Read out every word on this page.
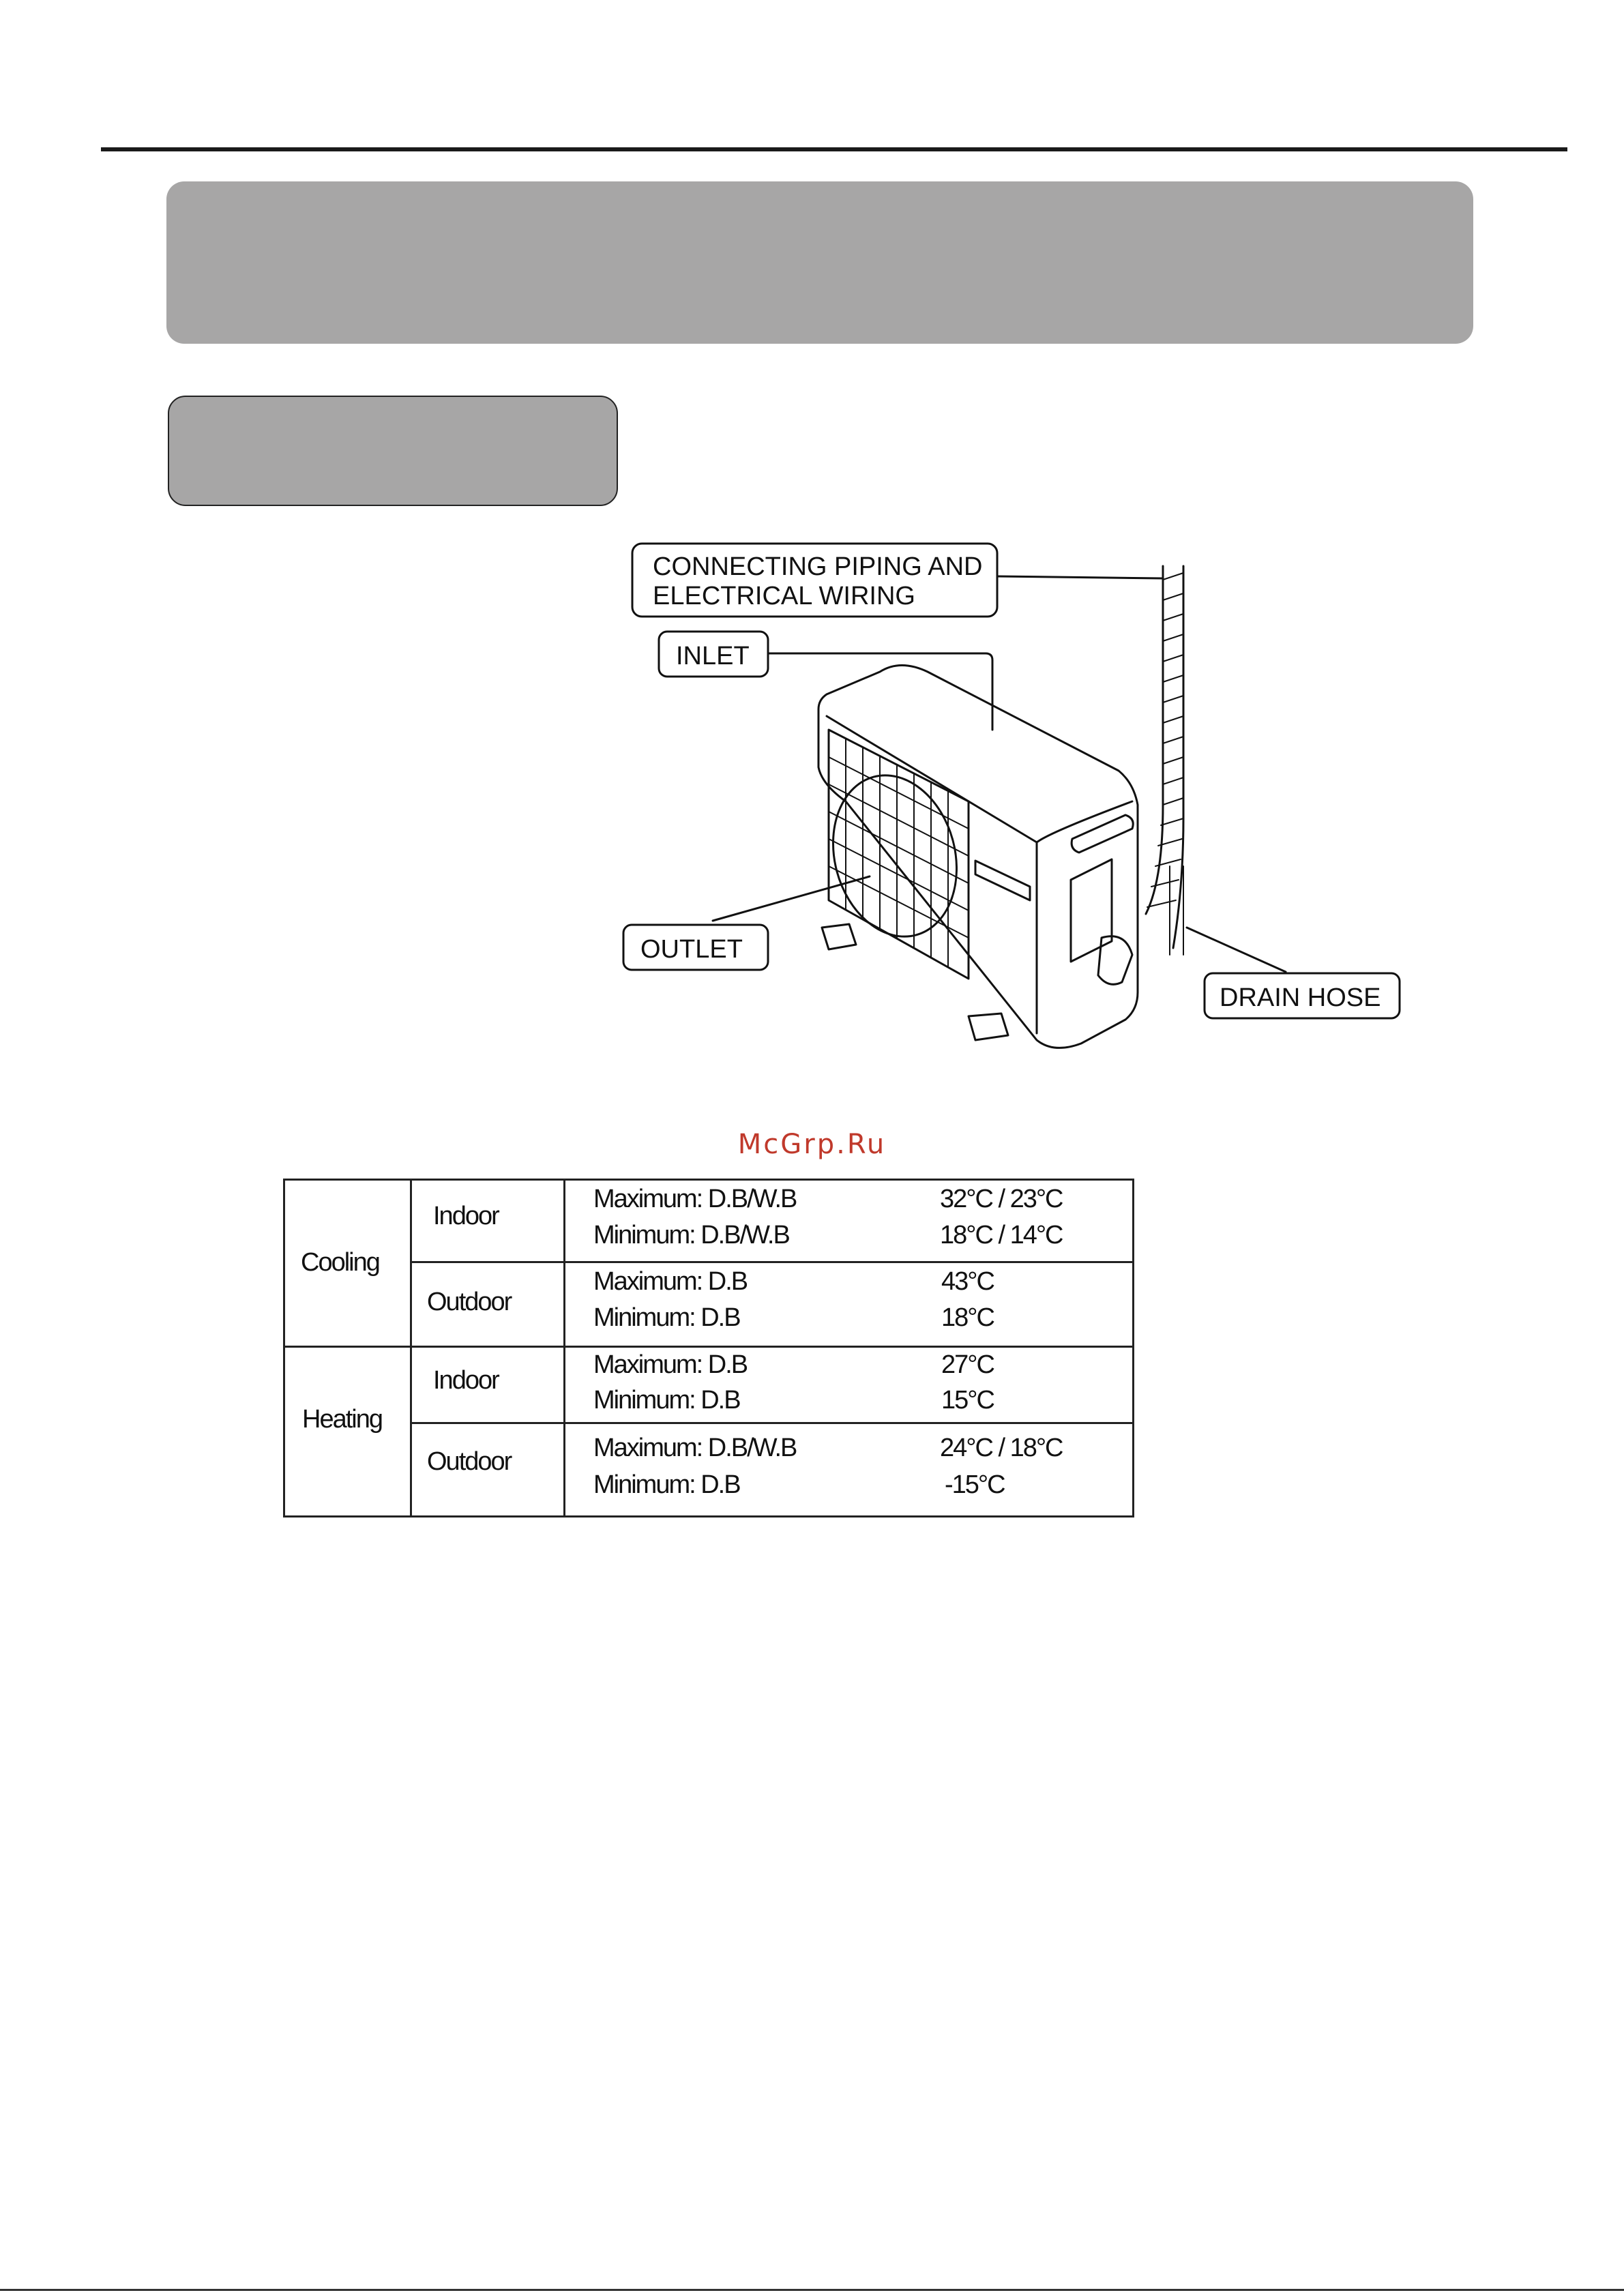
CONNECTING PIPING AND
ELECTRICAL WIRING
INLET
OUTLET
DRAIN HOSE
McGrp.Ru
Cooling
Heating
Indoor
Outdoor
Indoor
Outdoor
Maximum: D.B/W.B
Minimum: D.B/W.B
Maximum: D.B
Minimum: D.B
Maximum: D.B
Minimum: D.B
Maximum: D.B/W.B
Minimum: D.B
32°C / 23°C
18°C / 14°C
43°C
18°C
27°C
15°C
24°C / 18°C
-15°C
